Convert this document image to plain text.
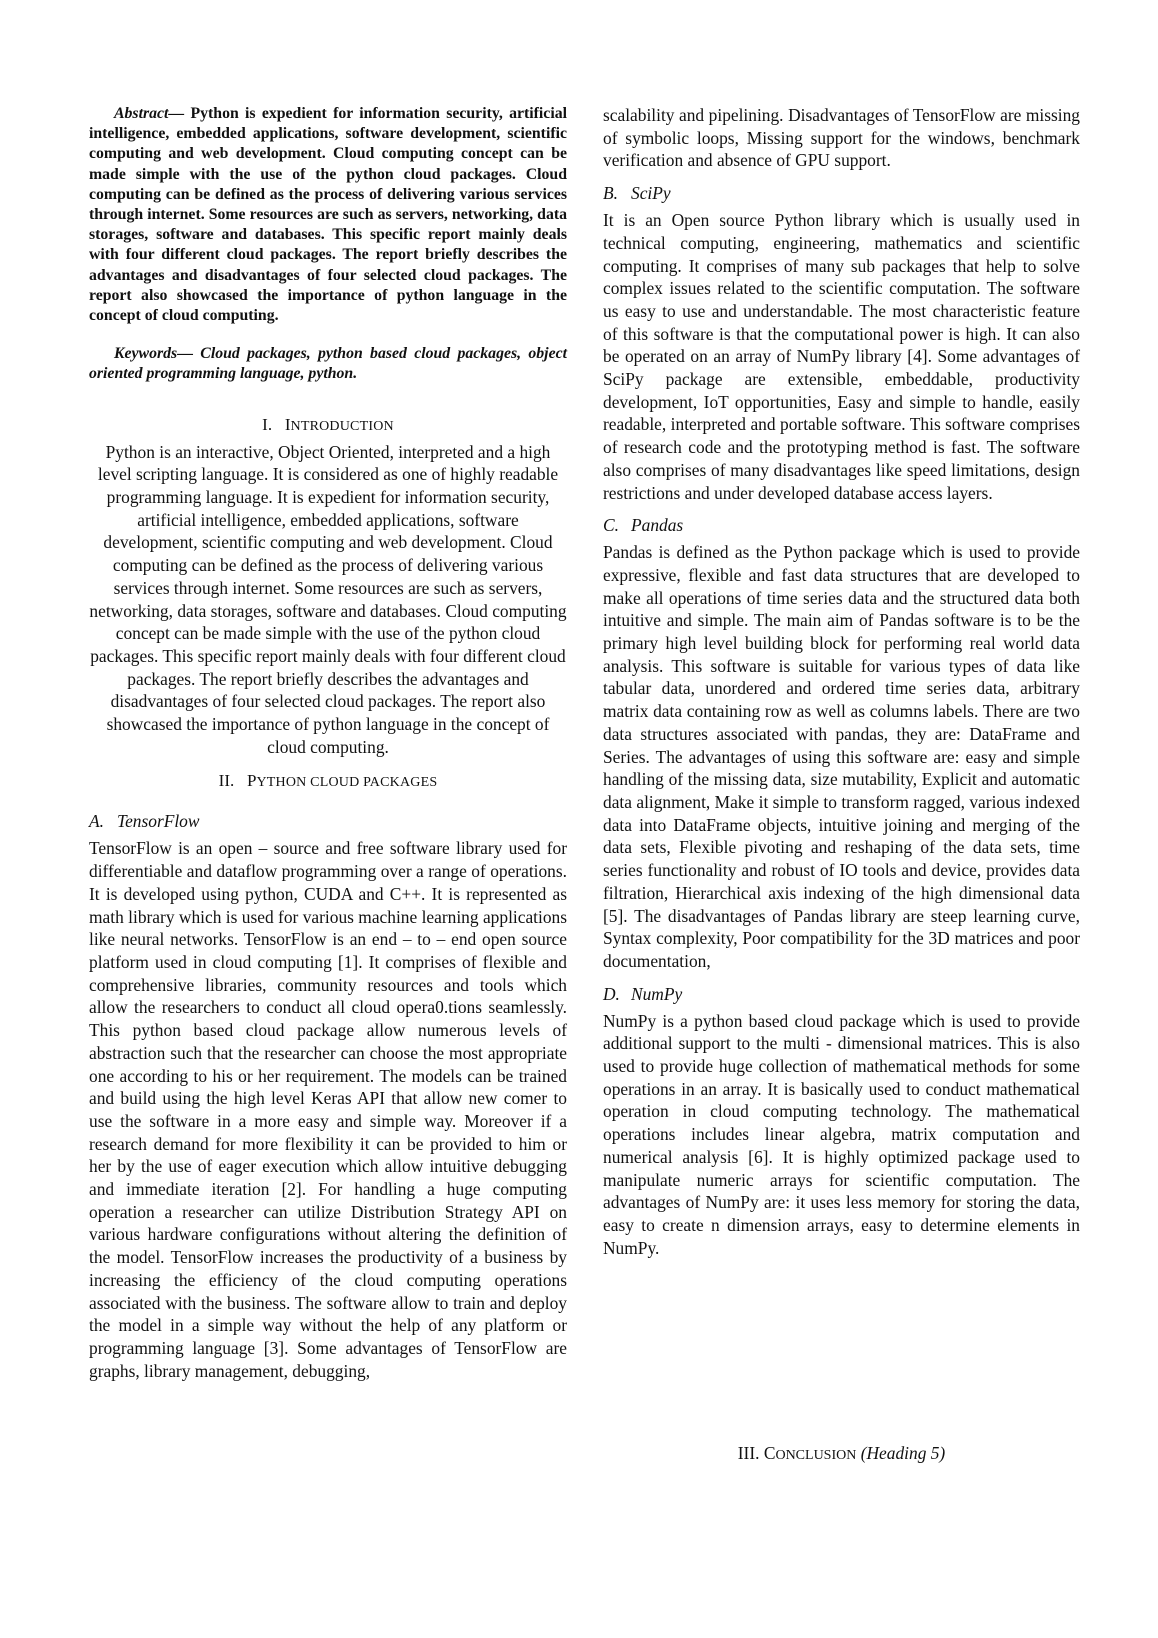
Abstract— Python is expedient for information security, artificial intelligence, embedded applications, software development, scientific computing and web development. Cloud computing concept can be made simple with the use of the python cloud packages. Cloud computing can be defined as the process of delivering various services through internet. Some resources are such as servers, networking, data storages, software and databases. This specific report mainly deals with four different cloud packages. The report briefly describes the advantages and disadvantages of four selected cloud packages. The report also showcased the importance of python language in the concept of cloud computing.

Keywords— Cloud packages, python based cloud packages, object oriented programming language, python.

I. INTRODUCTION

Python is an interactive, Object Oriented, interpreted and a high level scripting language. It is considered as one of highly readable programming language. It is expedient for information security, artificial intelligence, embedded applications, software development, scientific computing and web development. Cloud computing can be defined as the process of delivering various services through internet. Some resources are such as servers, networking, data storages, software and databases. Cloud computing concept can be made simple with the use of the python cloud packages. This specific report mainly deals with four different cloud packages. The report briefly describes the advantages and disadvantages of four selected cloud packages. The report also showcased the importance of python language in the concept of cloud computing.

II. PYTHON CLOUD PACKAGES

A. TensorFlow

TensorFlow is an open – source and free software library used for differentiable and dataflow programming over a range of operations. It is developed using python, CUDA and C++. It is represented as math library which is used for various machine learning applications like neural networks. TensorFlow is an end – to – end open source platform used in cloud computing [1]. It comprises of flexible and comprehensive libraries, community resources and tools which allow the researchers to conduct all cloud opera0.tions seamlessly. This python based cloud package allow numerous levels of abstraction such that the researcher can choose the most appropriate one according to his or her requirement. The models can be trained and build using the high level Keras API that allow new comer to use the software in a more easy and simple way. Moreover if a research demand for more flexibility it can be provided to him or her by the use of eager execution which allow intuitive debugging and immediate iteration [2]. For handling a huge computing operation a researcher can utilize Distribution Strategy API on various hardware configurations without altering the definition of the model. TensorFlow increases the productivity of a business by increasing the efficiency of the cloud computing operations associated with the business. The software allow to train and deploy the model in a simple way without the help of any platform or programming language [3]. Some advantages of TensorFlow are graphs, library management, debugging,

scalability and pipelining. Disadvantages of TensorFlow are missing of symbolic loops, Missing support for the windows, benchmark verification and absence of GPU support.

B. SciPy

It is an Open source Python library which is usually used in technical computing, engineering, mathematics and scientific computing. It comprises of many sub packages that help to solve complex issues related to the scientific computation. The software us easy to use and understandable. The most characteristic feature of this software is that the computational power is high. It can also be operated on an array of NumPy library [4]. Some advantages of SciPy package are extensible, embeddable, productivity development, IoT opportunities, Easy and simple to handle, easily readable, interpreted and portable software. This software comprises of research code and the prototyping method is fast. The software also comprises of many disadvantages like speed limitations, design restrictions and under developed database access layers.

C. Pandas

Pandas is defined as the Python package which is used to provide expressive, flexible and fast data structures that are developed to make all operations of time series data and the structured data both intuitive and simple. The main aim of Pandas software is to be the primary high level building block for performing real world data analysis. This software is suitable for various types of data like tabular data, unordered and ordered time series data, arbitrary matrix data containing row as well as columns labels. There are two data structures associated with pandas, they are: DataFrame and Series. The advantages of using this software are: easy and simple handling of the missing data, size mutability, Explicit and automatic data alignment, Make it simple to transform ragged, various indexed data into DataFrame objects, intuitive joining and merging of the data sets, Flexible pivoting and reshaping of the data sets, time series functionality and robust of IO tools and device, provides data filtration, Hierarchical axis indexing of the high dimensional data [5]. The disadvantages of Pandas library are steep learning curve, Syntax complexity, Poor compatibility for the 3D matrices and poor documentation,

D. NumPy

NumPy is a python based cloud package which is used to provide additional support to the multi - dimensional matrices. This is also used to provide huge collection of mathematical methods for some operations in an array. It is basically used to conduct mathematical operation in cloud computing technology. The mathematical operations includes linear algebra, matrix computation and numerical analysis [6]. It is highly optimized package used to manipulate numeric arrays for scientific computation. The advantages of NumPy are: it uses less memory for storing the data, easy to create n dimension arrays, easy to determine elements in NumPy.

III. CONCLUSION (Heading 5)
